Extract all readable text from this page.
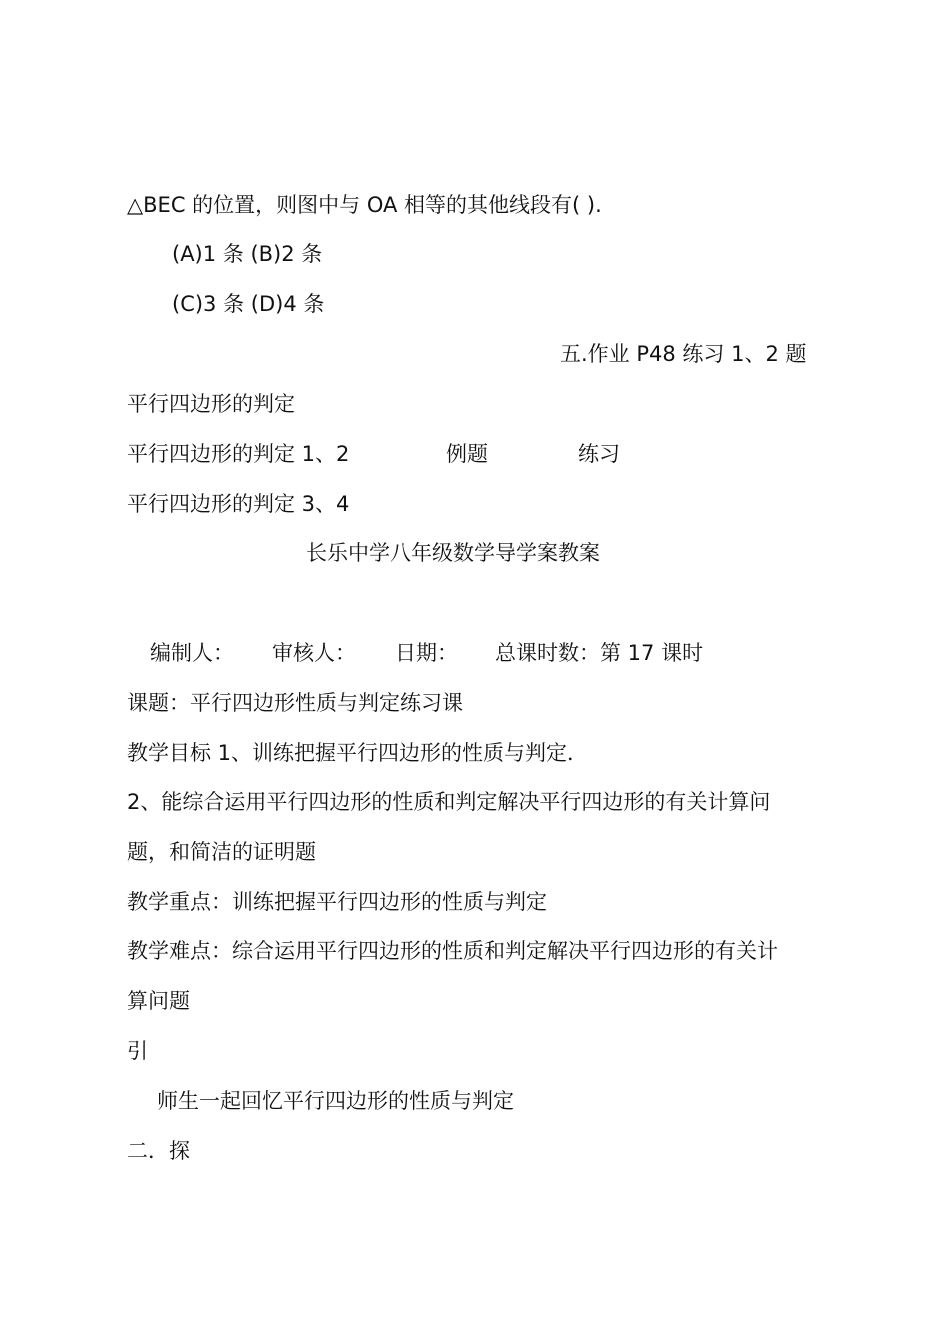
△BEC 的位置，则图中与 OA 相等的其他线段有( ).
(A)1 条 (B)2 条
(C)3 条 (D)4 条
五.作业 P48 练习 1、2 题
平行四边形的判定
平行四边形的判定 1、2	例题	练习
平行四边形的判定 3、4
长乐中学八年级数学导学案教案
编制人： 审核人： 日期： 总课时数：第 17 课时
课题：平行四边形性质与判定练习课
教学目标 1、训练把握平行四边形的性质与判定．
2、能综合运用平行四边形的性质和判定解决平行四边形的有关计算问
题，和简洁的证明题
教学重点：训练把握平行四边形的性质与判定
教学难点：综合运用平行四边形的性质和判定解决平行四边形的有关计
算问题
引
师生一起回忆平行四边形的性质与判定
二．探
